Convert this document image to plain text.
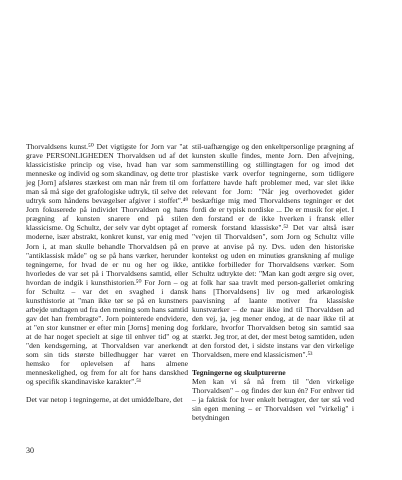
Thorvaldsens kunst.⁵⁰ Det vigtigste for Jorn var "at grave PERSONLIGHEDEN Thorvaldsen ud af det klassicistiske princip og vise, hvad han var som menneske og individ og som skandinav, og dette tror jeg [Jorn] afsløres stærkest om man når frem til om man så må sige det grafologiske udtryk, til selve det udtryk som håndens bevægelser afgiver i stoffet".⁴⁹ Jorn fokuserede på individet Thorvaldsen og hans prægning af kunsten snarere end på stilen klassicisme. Og Schultz, der selv var dybt optaget af moderne, især abstrakt, konkret kunst, var enig med Jorn i, at man skulle behandle Thorvaldsen på en "antiklassisk måde" og se på hans værker, herunder tegningerne, for hvad de er nu og her og ikke, hvorledes de var set på i Thorvaldsens samtid, eller hvordan de indgik i kunsthistorien.⁵⁰ For Jorn – og for Schultz – var det en svaghed i dansk kunsthistorie at "man ikke tør se på en kunstners arbejde undtagen ud fra den mening som hans samtid gav det han frembragte". Jorn pointerede endvidere, at "en stor kunstner er efter min [Jorns] mening dog at de har noget specielt at sige til enhver tid" og at "den kendsgerning, at Thorvaldsen var anerkendt som sin tids største billedhugger har været en hemsko for oplevelsen af hans almene menneskelighed, og frem for alt for hans danskhed og specifik skandinaviske karakter".⁵¹

Det var netop i tegningerne, at det umiddelbare, det

stil-uafhængige og den enkeltpersonlige prægning af kunsten skulle findes, mente Jorn. Den afvejning, sammenstilling og stillingtagen for og imod det plastiske værk overfor tegningerne, som tidligere forfattere havde haft problemer med, var slet ikke relevant for Jorn: "Når jeg overhovedet gider beskæftige mig med Thorvaldsens tegninger er det fordi de er typisk nordiske ... De er musik for øjet. I den forstand er de ikke hverken i fransk eller romersk forstand klassiske".⁵² Det var altså især "vejen til Thorvaldsen", som Jorn og Schultz ville prøve at anvise på ny. Dvs. uden den historiske kontekst og uden en minutiøs granskning af mulige antikke forbilleder for Thorvaldsens værker. Som Schultz udtrykte det: "Man kan godt ærgre sig over, at folk har saa travlt med person-galleriet omkring hans [Thorvaldsens] liv og med arkæologisk paavisning af laante motiver fra klassiske kunstværker – de naar ikke ind til Thorvaldsen ad den vej, ja, jeg mener endog, at de naar ikke til at forklare, hvorfor Thorvaldsen betog sin samtid saa stærkt. Jeg tror, at det, der mest betog samtiden, uden at den forstod det, i sidste instans var den virkelige Thorvaldsen, mere end klassicismen".⁵³

Tegningerne og skulpturerne

Men kan vi så nå frem til "den virkelige Thorvaldsen" – og findes der kun én? For enhver tid – ja faktisk for hver enkelt betragter, der tør stå ved sin egen mening – er Thorvaldsen vel "virkelig" i betydningen

30
